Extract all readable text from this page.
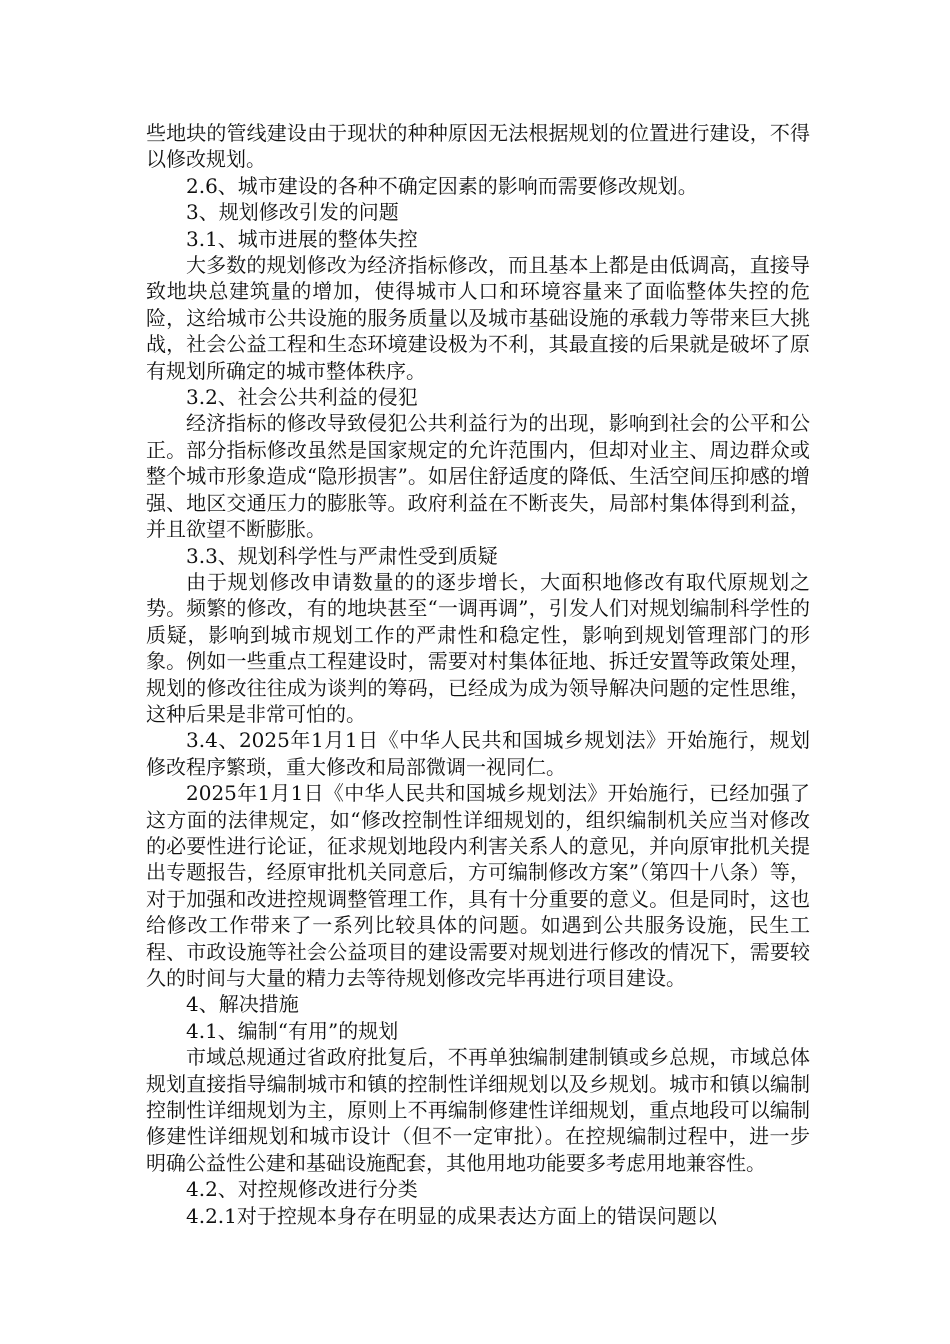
些地块的管线建设由于现状的种种原因无法根据规划的位置进行建设，不得以修改规划。

2.6、城市建设的各种不确定因素的影响而需要修改规划。

3、规划修改引发的问题

3.1、城市进展的整体失控

大多数的规划修改为经济指标修改，而且基本上都是由低调高，直接导致地块总建筑量的增加，使得城市人口和环境容量来了面临整体失控的危险，这给城市公共设施的服务质量以及城市基础设施的承载力等带来巨大挑战，社会公益工程和生态环境建设极为不利，其最直接的后果就是破坏了原有规划所确定的城市整体秩序。

3.2、社会公共利益的侵犯

经济指标的修改导致侵犯公共利益行为的出现，影响到社会的公平和公正。部分指标修改虽然是国家规定的允许范围内，但却对业主、周边群众或整个城市形象造成“隐形损害”。如居住舒适度的降低、生活空间压抑感的增强、地区交通压力的膨胀等。政府利益在不断丧失，局部村集体得到利益，并且欲望不断膨胀。

3.3、规划科学性与严肃性受到质疑

由于规划修改申请数量的的逐步增长，大面积地修改有取代原规划之势。频繁的修改，有的地块甚至“一调再调”，引发人们对规划编制科学性的质疑，影响到城市规划工作的严肃性和稳定性，影响到规划管理部门的形象。例如一些重点工程建设时，需要对村集体征地、拆迁安置等政策处理，规划的修改往往成为谈判的筹码，已经成为成为领导解决问题的定性思维，这种后果是非常可怕的。

3.4、2025年1月1日《中华人民共和国城乡规划法》开始施行，规划修改程序繁琐，重大修改和局部微调一视同仁。

2025年1月1日《中华人民共和国城乡规划法》开始施行，已经加强了这方面的法律规定，如“修改控制性详细规划的，组织编制机关应当对修改的必要性进行论证，征求规划地段内利害关系人的意见，并向原审批机关提出专题报告，经原审批机关同意后，方可编制修改方案”（第四十八条）等，对于加强和改进控规调整管理工作，具有十分重要的意义。但是同时，这也给修改工作带来了一系列比较具体的问题。如遇到公共服务设施，民生工程、市政设施等社会公益项目的建设需要对规划进行修改的情况下，需要较久的时间与大量的精力去等待规划修改完毕再进行项目建设。

4、解决措施

4.1、编制“有用”的规划

市域总规通过省政府批复后，不再单独编制建制镇或乡总规，市域总体规划直接指导编制城市和镇的控制性详细规划以及乡规划。城市和镇以编制控制性详细规划为主，原则上不再编制修建性详细规划，重点地段可以编制修建性详细规划和城市设计（但不一定审批）。在控规编制过程中，进一步明确公益性公建和基础设施配套，其他用地功能要多考虑用地兼容性。

4.2、对控规修改进行分类

4.2.1对于控规本身存在明显的成果表达方面上的错误问题以
